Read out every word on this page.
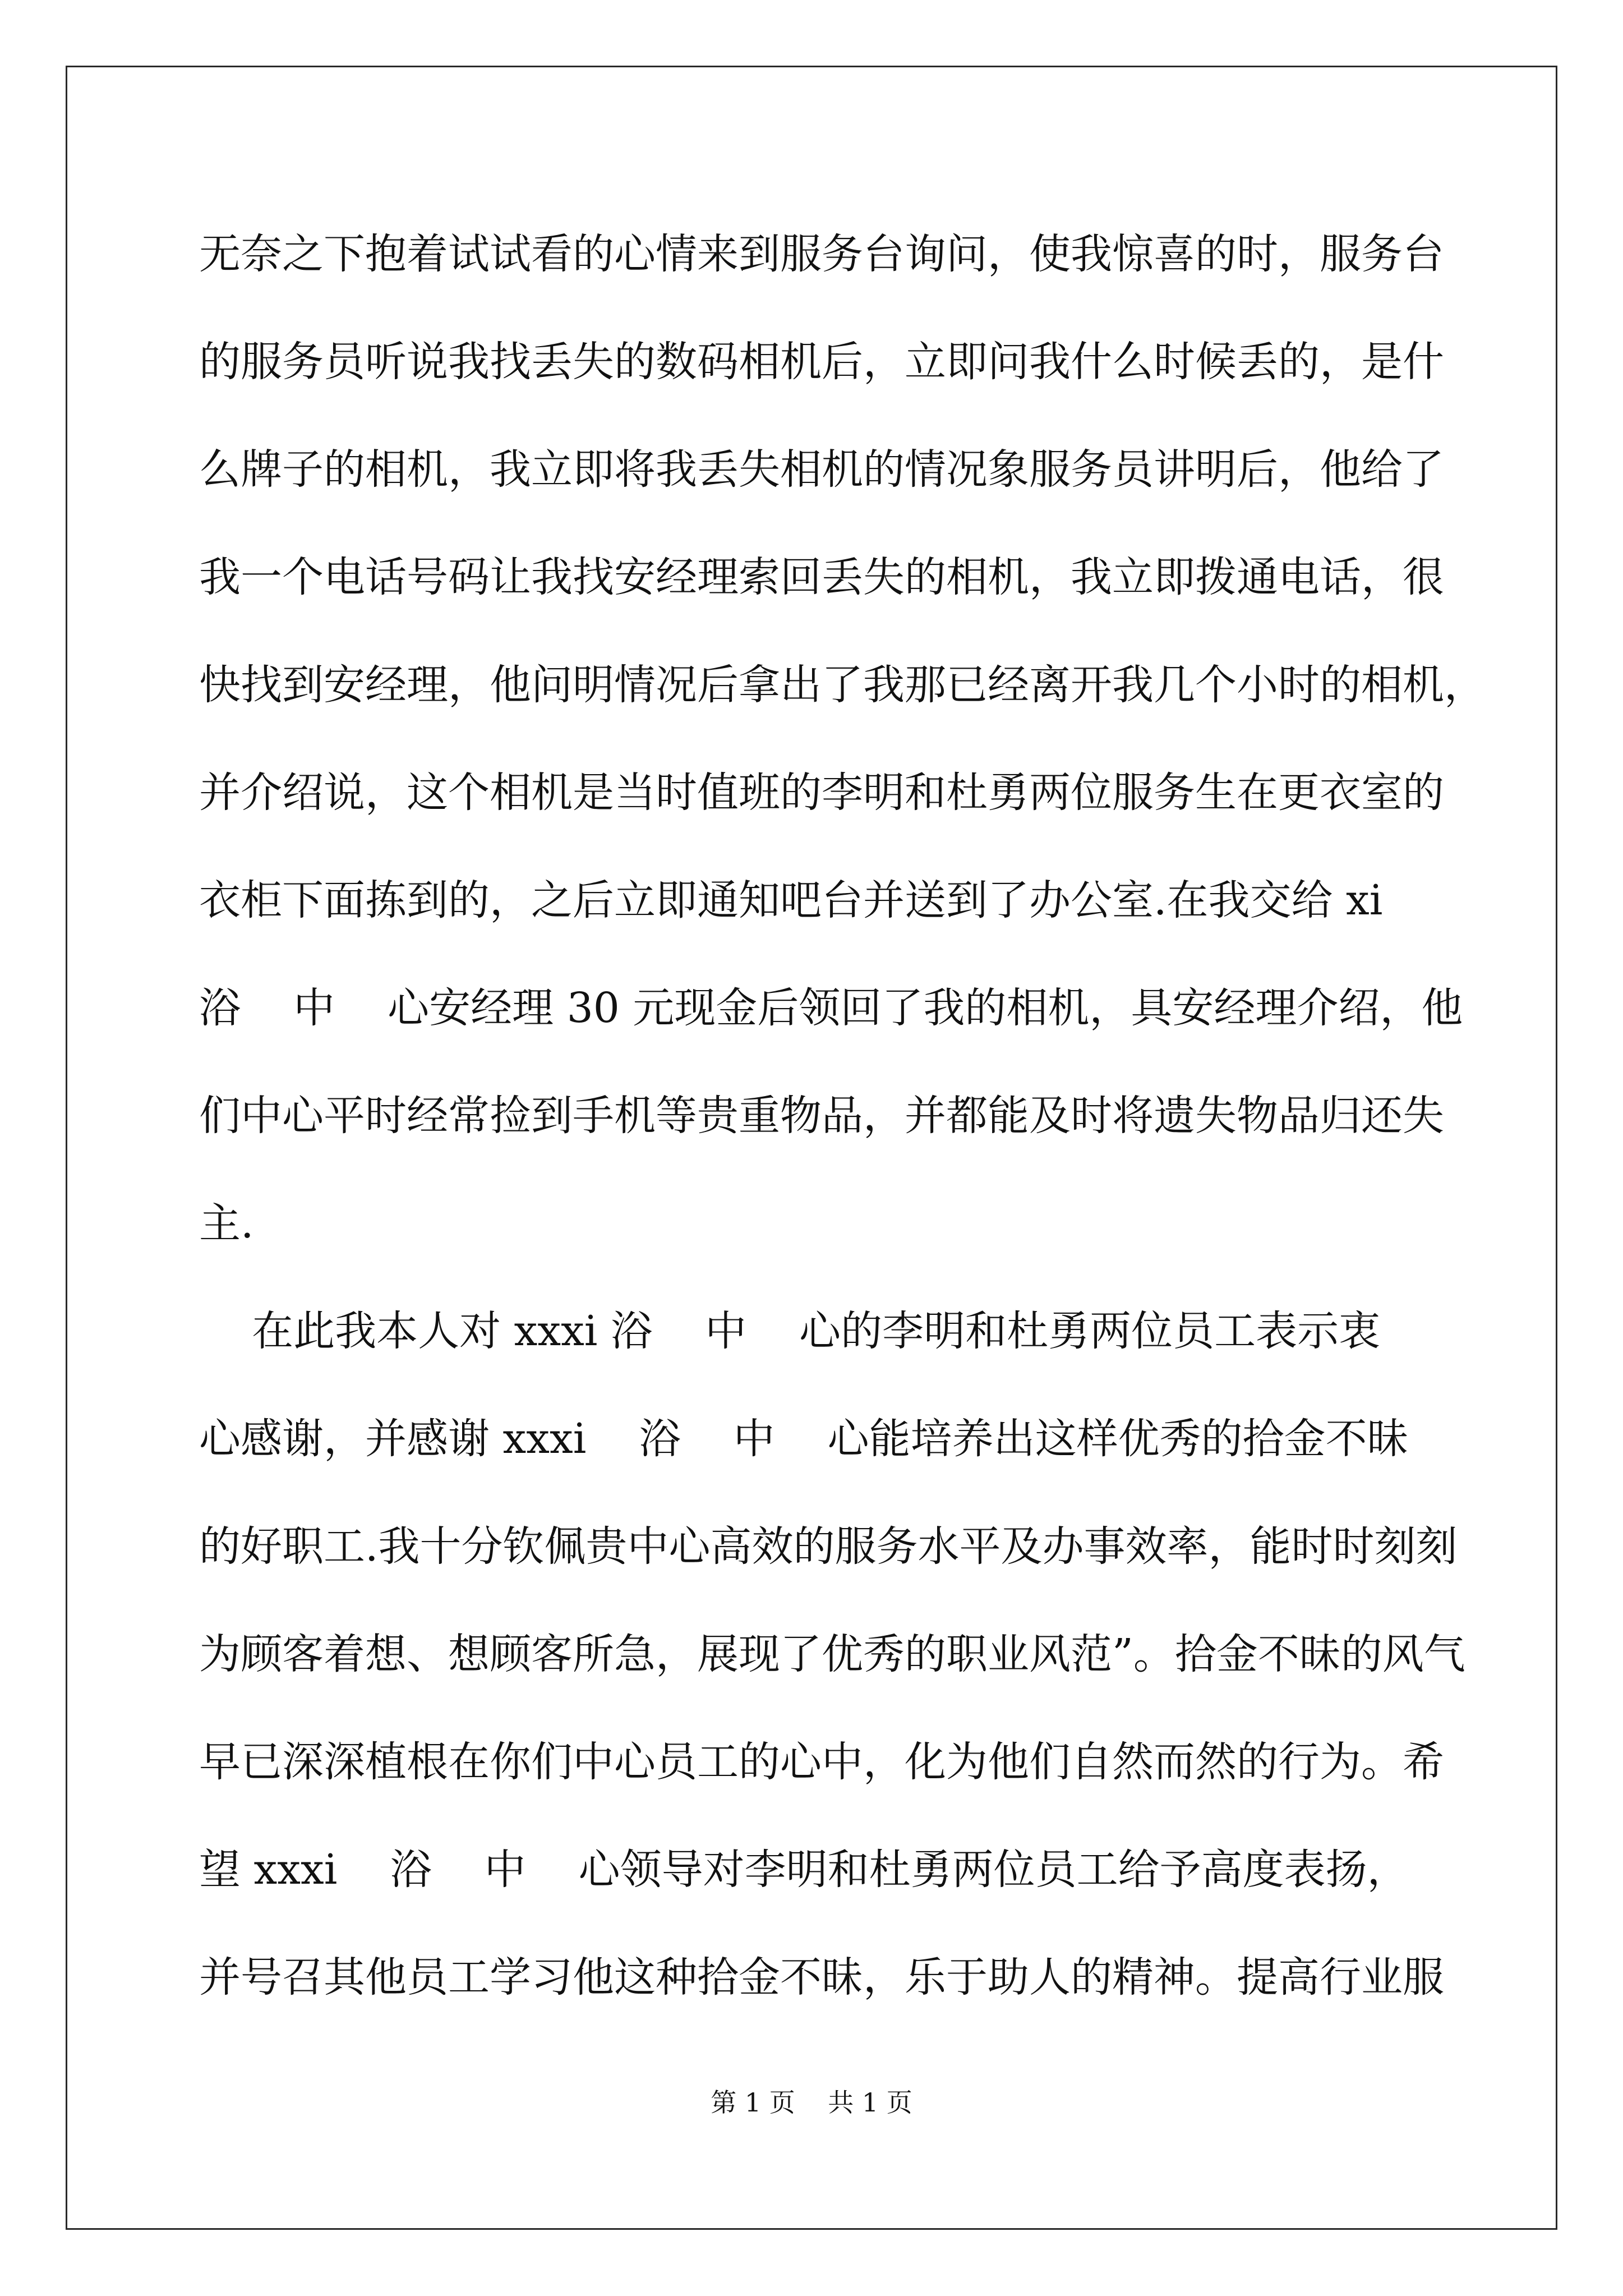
无奈之下抱着试试看的心情来到服务台询问，使我惊喜的时，服务台
的服务员听说我找丢失的数码相机后，立即问我什么时候丢的，是什
么牌子的相机，我立即将我丢失相机的情况象服务员讲明后，他给了
我一个电话号码让我找安经理索回丢失的相机，我立即拨通电话，很
快找到安经理，他问明情况后拿出了我那已经离开我几个小时的相机，
并介绍说，这个相机是当时值班的李明和杜勇两位服务生在更衣室的
衣柜下面拣到的，之后立即通知吧台并送到了办公室.在我交给 xi
浴    中    心安经理 30 元现金后领回了我的相机，具安经理介绍，他
们中心平时经常捡到手机等贵重物品，并都能及时将遗失物品归还失
主.
在此我本人对 xxxi 浴    中    心的李明和杜勇两位员工表示衷
心感谢，并感谢 xxxi    浴    中    心能培养出这样优秀的拾金不昧
的好职工.我十分钦佩贵中心高效的服务水平及办事效率，能时时刻刻
为顾客着想、想顾客所急，展现了优秀的职业风范”。拾金不昧的风气
早已深深植根在你们中心员工的心中，化为他们自然而然的行为。希
望 xxxi    浴    中    心领导对李明和杜勇两位员工给予高度表扬，
并号召其他员工学习他这种拾金不昧，乐于助人的精神。提高行业服
第 1 页    共 1 页
